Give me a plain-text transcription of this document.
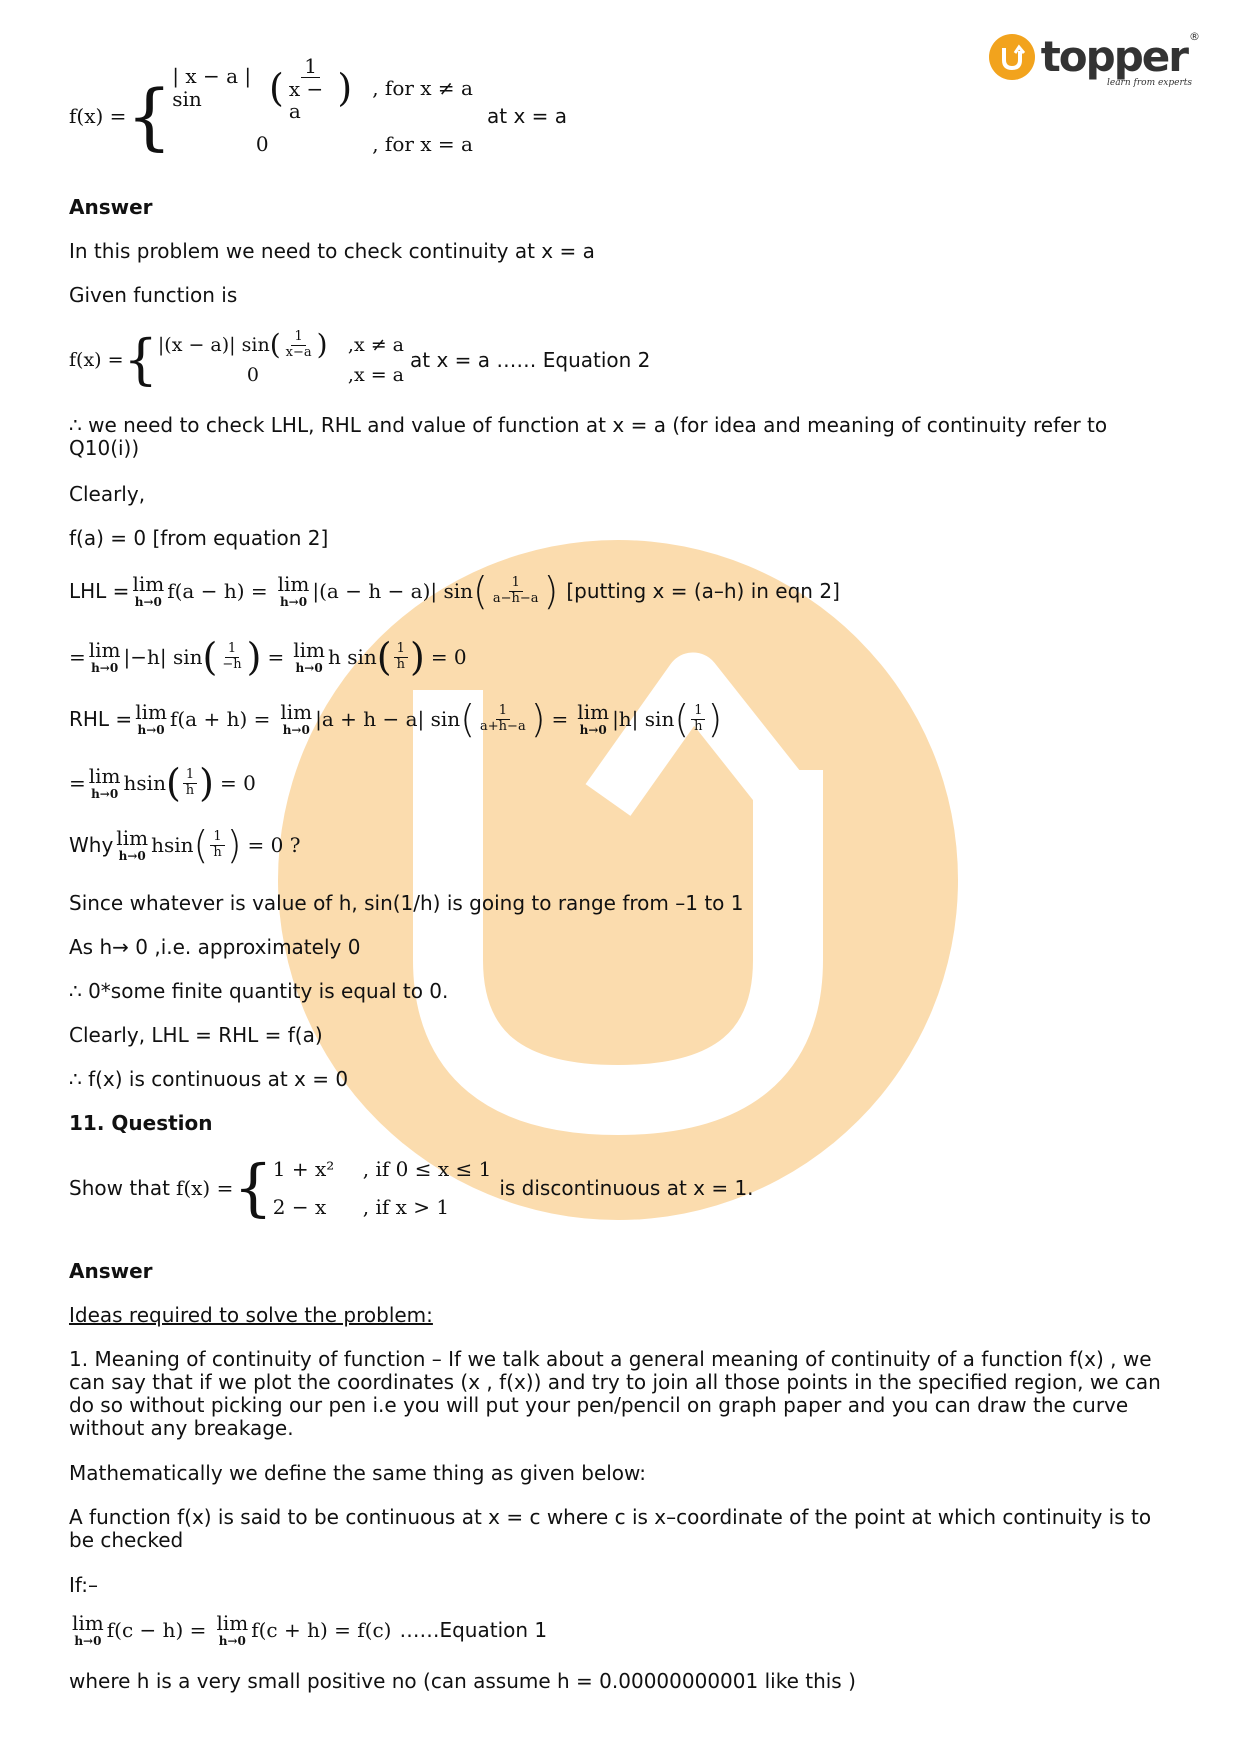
topper ®
learn from experts
f(x) = { | x − a | sin	( $\frac{1}{x - a}$ ) , for x ≠ a
0	, for x = a
at x = a
Answer
In this problem we need to check continuity at x = a
Given function is
f(x) = { |(x − a)| sin ( $\frac{1}{x-a}$ ) ,x ≠ a
0	,x = a
at x = a …… Equation 2
∴ we need to check LHL, RHL and value of function at x = a (for idea and meaning of continuity refer to Q10(i))
Clearly,
f(a) = 0 [from equation 2]
LHL = lim
h→0 f(a − h) = lim
h→0 |(a − h − a)| sin ( $\frac{1}{a-h-a}$ ) [putting x = (a–h) in eqn 2]
= lim
h→0 |−h| sin ( $\frac{1}{-h}$ ) = lim
h→0 h sin ( $\frac{1}{h}$ ) = 0
RHL = lim
h→0 f(a + h) = lim
h→0 |a + h − a| sin ( $\frac{1}{a+h-a}$ ) = lim
h→0 |h| sin ( $\frac{1}{h}$ )
= lim
h→0 hsin ( $\frac{1}{h}$ ) = 0
Why lim
h→0 hsin ( $\frac{1}{h}$ ) = 0 ?
Since whatever is value of h, sin(1/h) is going to range from –1 to 1
As h→ 0 ,i.e. approximately 0
∴ 0*some finite quantity is equal to 0.
Clearly, LHL = RHL = f(a)
∴ f(x) is continuous at x = 0
11. Question
Show that f(x) = { 1 + x²	, if 0 ≤ x ≤ 1
2 − x	, if x > 1
is discontinuous at x = 1.
Answer
Ideas required to solve the problem:
1. Meaning of continuity of function – If we talk about a general meaning of continuity of a function f(x) , we can say that if we plot the coordinates (x , f(x)) and try to join all those points in the specified region, we can do so without picking our pen i.e you will put your pen/pencil on graph paper and you can draw the curve without any breakage.
Mathematically we define the same thing as given below:
A function f(x) is said to be continuous at x = c where c is x–coordinate of the point at which continuity is to be checked
If:–
lim
h→0 f(c − h) = lim
h→0 f(c + h) = f(c) ……Equation 1
where h is a very small positive no (can assume h = 0.00000000001 like this )
